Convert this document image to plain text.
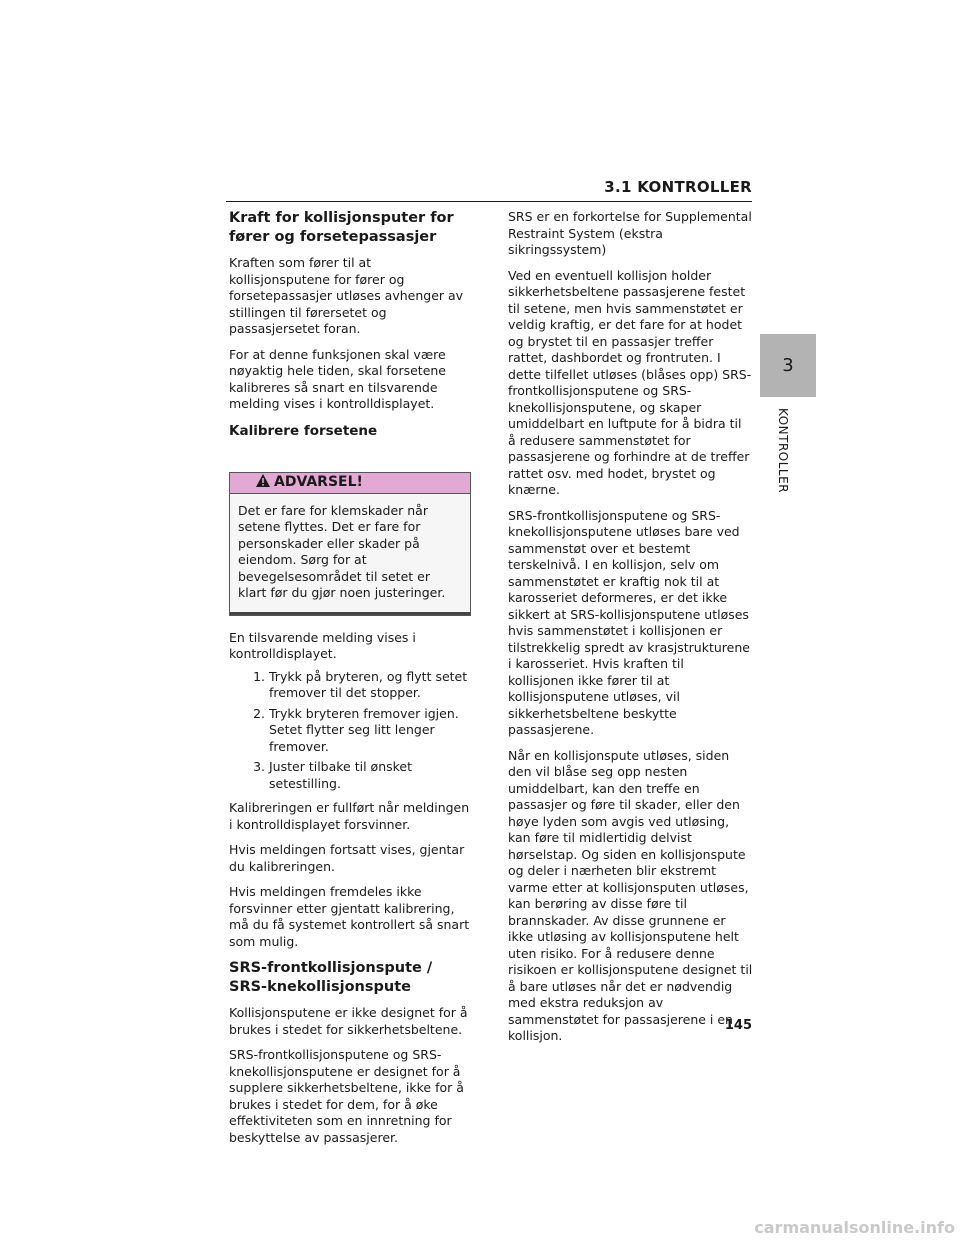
3.1 KONTROLLER
Kraft for kollisjonsputer for fører og forsetepassasjer

Kraften som fører til at kollisjonsputene for fører og forsetepassasjer utløses avhenger av stillingen til førersetet og passasjersetet foran.

For at denne funksjonen skal være nøyaktig hele tiden, skal forsetene kalibreres så snart en tilsvarende melding vises i kontrolldisplayet.

Kalibrere forsetene
ADVARSEL!
Det er fare for klemskader når setene flyttes. Det er fare for personskader eller skader på eiendom. Sørg for at bevegelsesområdet til setet er klart før du gjør noen justeringer.

En tilsvarende melding vises i kontrolldisplayet.

1. Trykk på bryteren, og flytt setet fremover til det stopper.
2. Trykk bryteren fremover igjen. Setet flytter seg litt lenger fremover.
3. Juster tilbake til ønsket setestilling.

Kalibreringen er fullført når meldingen i kontrolldisplayet forsvinner.

Hvis meldingen fortsatt vises, gjentar du kalibreringen.

Hvis meldingen fremdeles ikke forsvinner etter gjentatt kalibrering, må du få systemet kontrollert så snart som mulig.

SRS-frontkollisjonspute / SRS-knekollisjonspute

Kollisjonsputene er ikke designet for å brukes i stedet for sikkerhetsbeltene.

SRS-frontkollisjonsputene og SRS-knekollisjonsputene er designet for å supplere sikkerhetsbeltene, ikke for å brukes i stedet for dem, for å øke effektiviteten som en innretning for beskyttelse av passasjerer.

SRS er en forkortelse for Supplemental Restraint System (ekstra sikringssystem)

Ved en eventuell kollisjon holder sikkerhetsbeltene passasjerene festet til setene, men hvis sammenstøtet er veldig kraftig, er det fare for at hodet og brystet til en passasjer treffer rattet, dashbordet og frontruten. I dette tilfellet utløses (blåses opp) SRS-frontkollisjonsputene og SRS-knekollisjonsputene, og skaper umiddelbart en luftpute for å bidra til å redusere sammenstøtet for passasjerene og forhindre at de treffer rattet osv. med hodet, brystet og knærne.

SRS-frontkollisjonsputene og SRS-knekollisjonsputene utløses bare ved sammenstøt over et bestemt terskelnivå. I en kollisjon, selv om sammenstøtet er kraftig nok til at karosseriet deformeres, er det ikke sikkert at SRS-kollisjonsputene utløses hvis sammenstøtet i kollisjonen er tilstrekkelig spredt av krasjstrukturene i karosseriet. Hvis kraften til kollisjonen ikke fører til at kollisjonsputene utløses, vil sikkerhetsbeltene beskytte passasjerene.

Når en kollisjonspute utløses, siden den vil blåse seg opp nesten umiddelbart, kan den treffe en passasjer og føre til skader, eller den høye lyden som avgis ved utløsing, kan føre til midlertidig delvist hørselstap. Og siden en kollisjonspute og deler i nærheten blir ekstremt varme etter at kollisjonsputen utløses, kan berøring av disse føre til brannskader. Av disse grunnene er ikke utløsing av kollisjonsputene helt uten risiko. For å redusere denne risikoen er kollisjonsputene designet til å bare utløses når det er nødvendig med ekstra reduksjon av sammenstøtet for passasjerene i en kollisjon.

3
KONTROLLER
145
carmanualsonline.info
